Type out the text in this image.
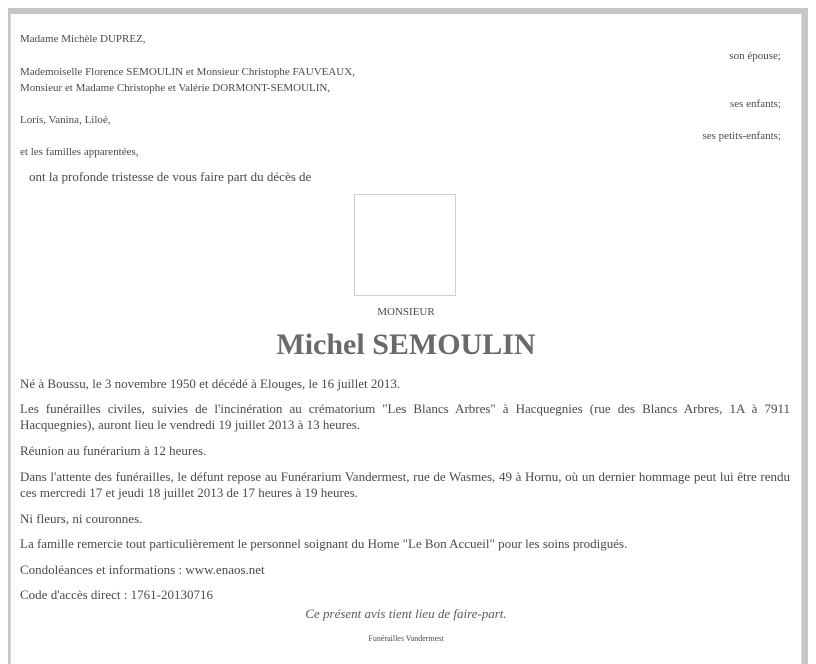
Madame Michèle DUPREZ,
son épouse;
Mademoiselle Florence SEMOULIN et Monsieur Christophe FAUVEAUX,
Monsieur et Madame Christophe et Valérie DORMONT-SEMOULIN,
ses enfants;
Loris, Vanina, Liloé,
ses petits-enfants;
et les familles apparentées,
ont la profonde tristesse de vous faire part du décès de
MONSIEUR
Michel SEMOULIN
Né à Boussu, le 3 novembre 1950 et décédé à Elouges, le 16 juillet 2013.
Les funérailles civiles, suivies de l'incinération au crématorium "Les Blancs Arbres" à Hacquegnies (rue des Blancs Arbres, 1A à 7911 Hacquegnies), auront lieu le vendredi 19 juillet 2013 à 13 heures.
Réunion au funérarium à 12 heures.
Dans l'attente des funérailles, le défunt repose au Funérarium Vandermest, rue de Wasmes, 49 à Hornu, où un dernier hommage peut lui être rendu ces mercredi 17 et jeudi 18 juillet 2013 de 17 heures à 19 heures.
Ni fleurs, ni couronnes.
La famille remercie tout particulièrement le personnel soignant du Home "Le Bon Accueil" pour les soins prodigués.
Condoléances et informations : www.enaos.net
Code d'accès direct : 1761-20130716
Ce présent avis tient lieu de faire-part.
Funérailles Vandermest
